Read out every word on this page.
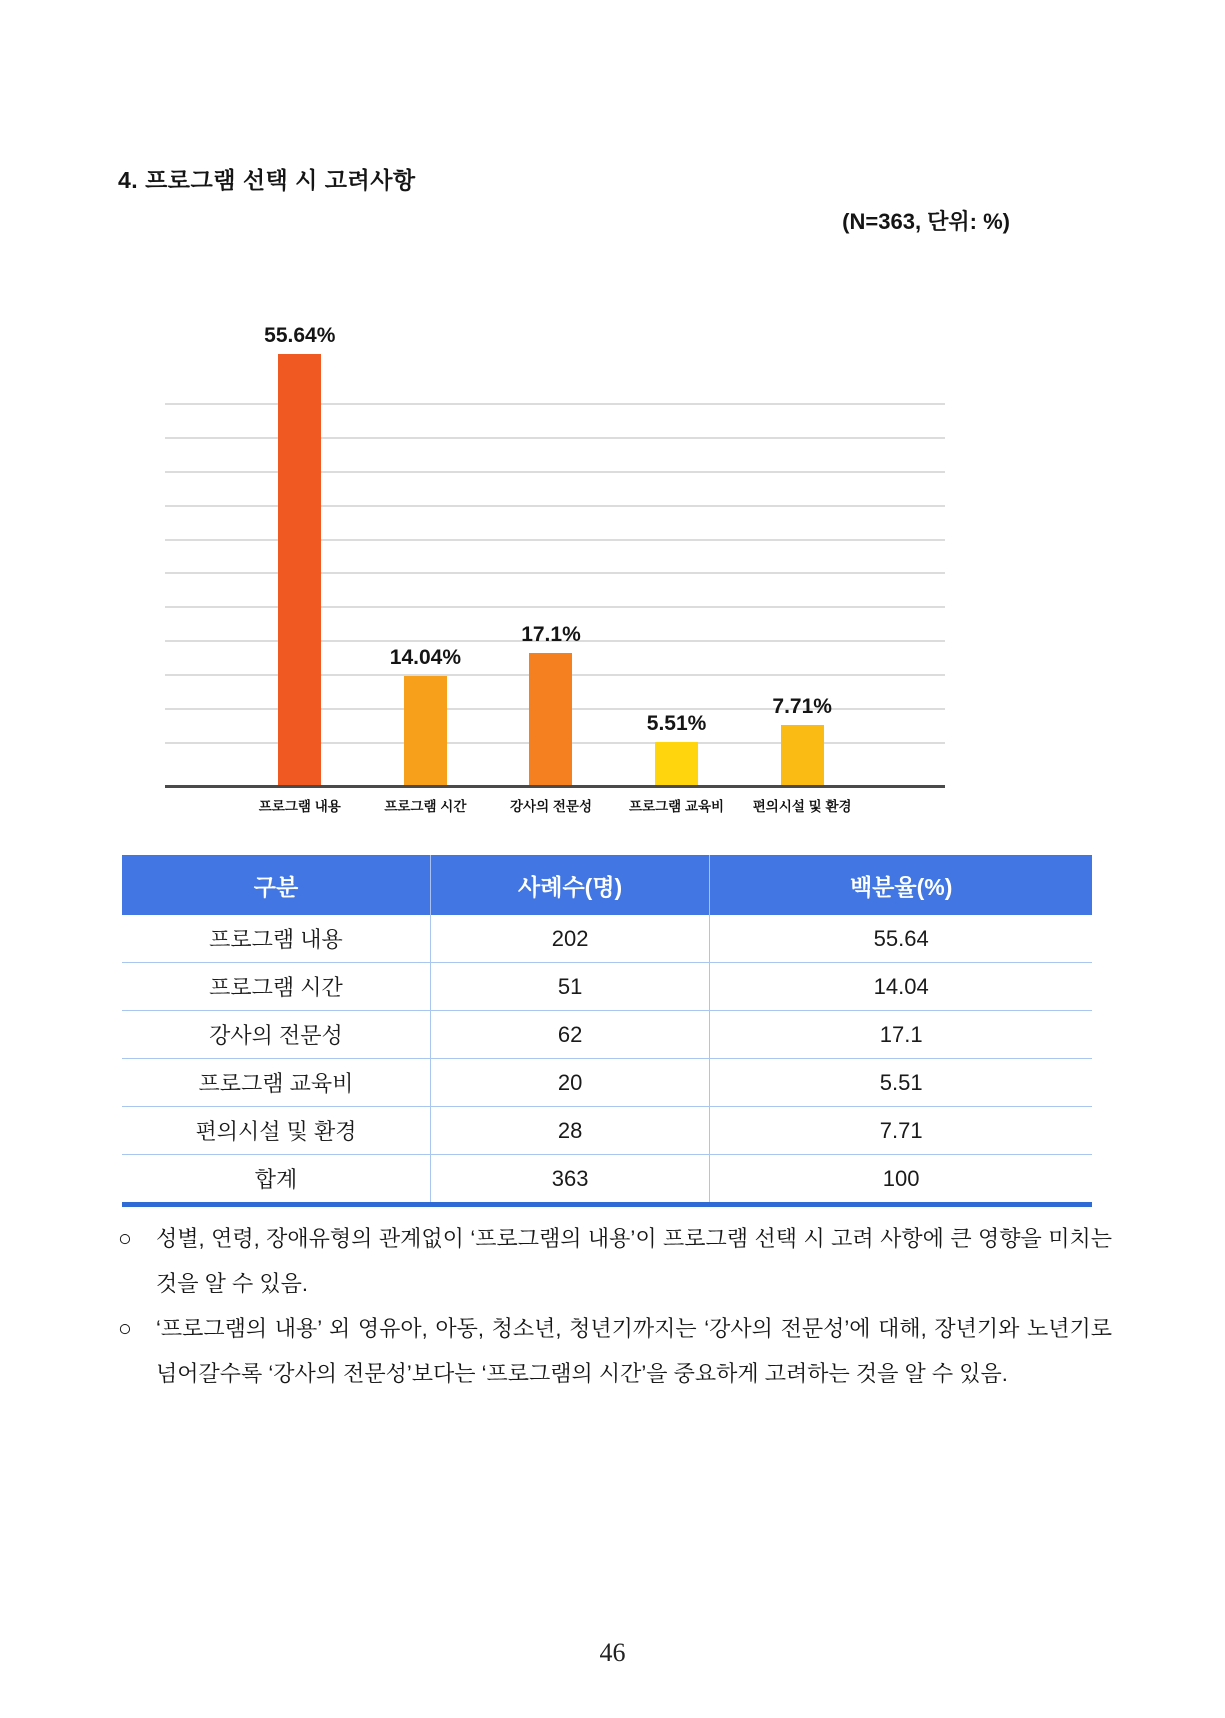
4. 프로그램 선택 시 고려사항
(N=363, 단위: %)
55.64%
14.04%
17.1%
5.51%
7.71%
프로그램 내용	프로그램 시간	강사의 전문성	프로그램 교육비	편의시설 및 환경
구분	사례수(명)	백분율(%)
프로그램 내용	202	55.64
프로그램 시간	51	14.04
강사의 전문성	62	17.1
프로그램 교육비	20	5.51
편의시설 및 환경	28	7.71
합계	363	100
○	성별, 연령, 장애유형의 관계없이 ‘프로그램의 내용’이 프로그램 선택 시 고려 사항에 큰 영향을 미치는 것을 알 수 있음.
○	‘프로그램의 내용’ 외 영유아, 아동, 청소년, 청년기까지는 ‘강사의 전문성’에 대해, 장년기와 노년기로 넘어갈수록 ‘강사의 전문성’보다는 ‘프로그램의 시간’을 중요하게 고려하는 것을 알 수 있음.
46
